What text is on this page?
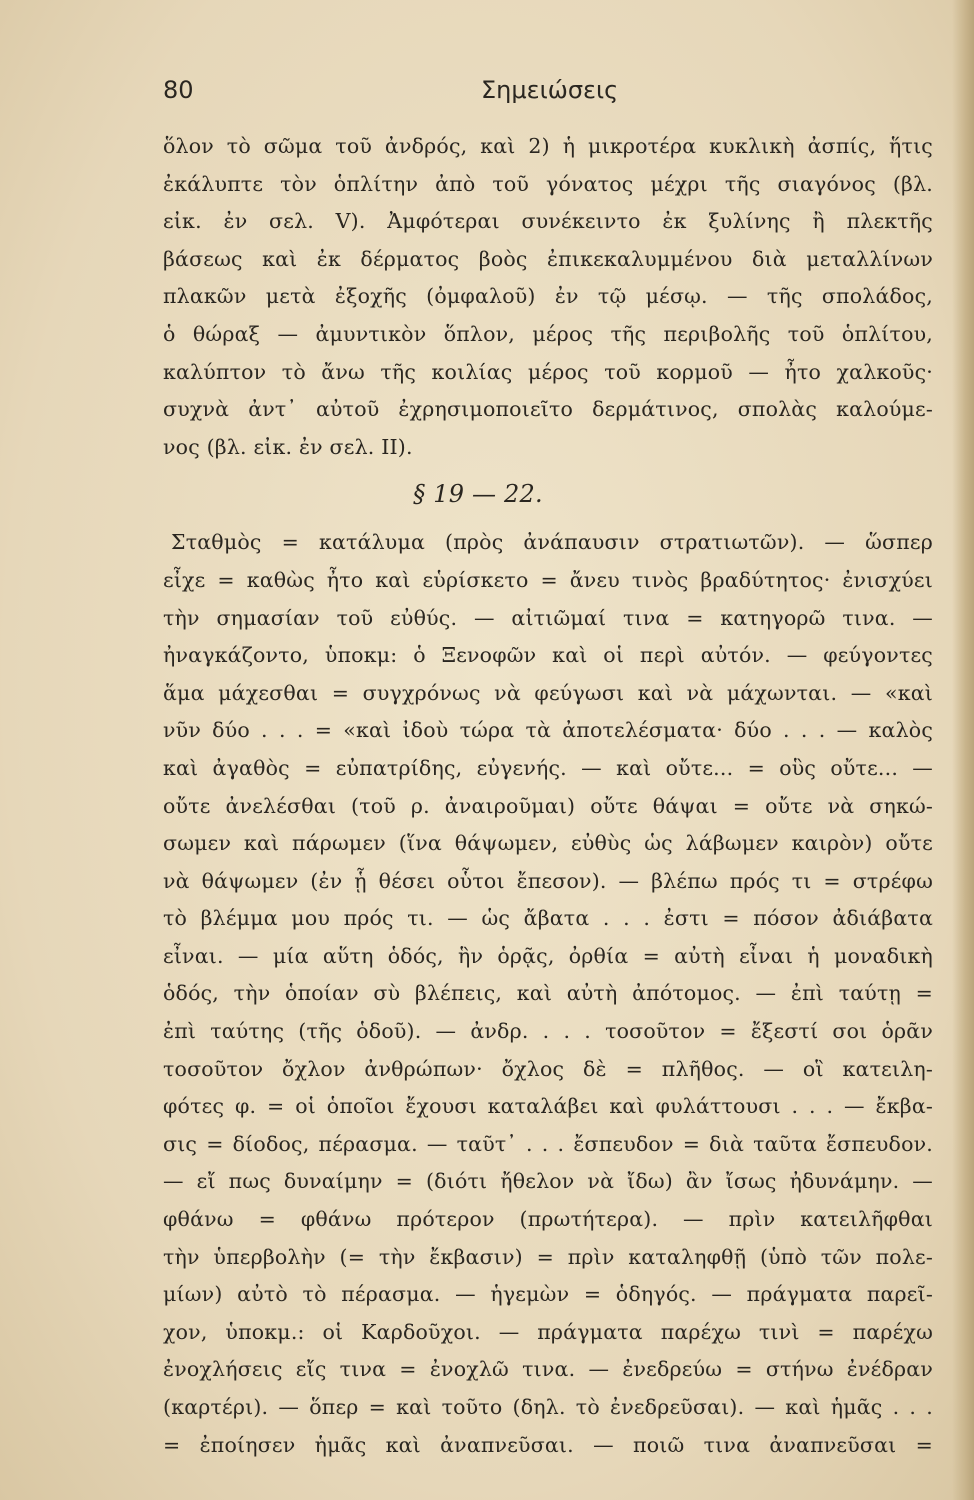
80	Σημειώσεις
ὅλον τὸ σῶμα τοῦ ἀνδρός, καὶ 2) ἡ μικροτέρα κυκλικὴ ἀσπίς, ἥτις
ἐκάλυπτε τὸν ὁπλίτην ἀπὸ τοῦ γόνατος μέχρι τῆς σιαγόνος (βλ.
εἰκ. ἐν σελ. V). Ἀμφότεραι συνέκειντο ἐκ ξυλίνης ἢ πλεκτῆς
βάσεως καὶ ἐκ δέρματος βοὸς ἐπικεκαλυμμένου διὰ μεταλλίνων
πλακῶν μετὰ ἐξοχῆς (ὀμφαλοῦ) ἐν τῷ μέσῳ. — τῆς σπολάδος,
ὁ θώραξ — ἀμυντικὸν ὅπλον, μέρος τῆς περιβολῆς τοῦ ὁπλίτου,
καλύπτον τὸ ἄνω τῆς κοιλίας μέρος τοῦ κορμοῦ — ἦτο χαλκοῦς·
συχνὰ ἀντ᾽ αὐτοῦ ἐχρησιμοποιεῖτο δερμάτινος, σπολὰς καλούμε-
νος (βλ. εἰκ. ἐν σελ. II).
§ 19 — 22.
Σταθμὸς = κατάλυμα (πρὸς ἀνάπαυσιν στρατιωτῶν). — ὥσπερ
εἶχε = καθὼς ἦτο καὶ εὑρίσκετο = ἄνευ τινὸς βραδύτητος· ἐνισχύει
τὴν σημασίαν τοῦ εὐθύς. — αἰτιῶμαί τινα = κατηγορῶ τινα. —
ἠναγκάζοντο, ὑποκμ: ὁ Ξενοφῶν καὶ οἱ περὶ αὐτόν. — φεύγοντες
ἅμα μάχεσθαι = συγχρόνως νὰ φεύγωσι καὶ νὰ μάχωνται. — «καὶ
νῦν δύο . . . = «καὶ ἰδοὺ τώρα τὰ ἀποτελέσματα· δύο . . . — καλὸς
καὶ ἀγαθὸς = εὐπατρίδης, εὐγενής. — καὶ οὔτε... = οὓς οὔτε... —
οὔτε ἀνελέσθαι (τοῦ ρ. ἀναιροῦμαι) οὔτε θάψαι = οὔτε νὰ σηκώ-
σωμεν καὶ πάρωμεν (ἵνα θάψωμεν, εὐθὺς ὡς λάβωμεν καιρὸν) οὔτε
νὰ θάψωμεν (ἐν ᾗ θέσει οὗτοι ἔπεσον). — βλέπω πρός τι = στρέφω
τὸ βλέμμα μου πρός τι. — ὡς ἄβατα . . . ἐστι = πόσον ἀδιάβατα
εἶναι. — μία αὕτη ὁδός, ἣν ὁρᾷς, ὀρθία = αὐτὴ εἶναι ἡ μοναδικὴ
ὁδός, τὴν ὁποίαν σὺ βλέπεις, καὶ αὐτὴ ἀπότομος. — ἐπὶ ταύτῃ =
ἐπὶ ταύτης (τῆς ὁδοῦ). — ἀνδρ. . . . τοσοῦτον = ἔξεστί σοι ὁρᾶν
τοσοῦτον ὄχλον ἀνθρώπων· ὄχλος δὲ = πλῆθος. — οἳ κατειλη-
φότες φ. = οἱ ὁποῖοι ἔχουσι καταλάβει καὶ φυλάττουσι . . . — ἔκβα-
σις = δίοδος, πέρασμα. — ταῦτ᾽ . . . ἔσπευδον = διὰ ταῦτα ἔσπευδον.
— εἴ πως δυναίμην = (διότι ἤθελον νὰ ἴδω) ἂν ἴσως ἠδυνάμην. —
φθάνω = φθάνω πρότερον (πρωτήτερα). — πρὶν κατειλῆφθαι
τὴν ὑπερβολὴν (= τὴν ἔκβασιν) = πρὶν καταληφθῇ (ὑπὸ τῶν πολε-
μίων) αὐτὸ τὸ πέρασμα. — ἡγεμὼν = ὁδηγός. — πράγματα παρεῖ-
χον, ὑποκμ.: οἱ Καρδοῦχοι. — πράγματα παρέχω τινὶ = παρέχω
ἐνοχλήσεις εἴς τινα = ἐνοχλῶ τινα. — ἐνεδρεύω = στήνω ἐνέδραν
(καρτέρι). — ὅπερ = καὶ τοῦτο (δηλ. τὸ ἐνεδρεῦσαι). — καὶ ἡμᾶς . . .
= ἐποίησεν ἡμᾶς καὶ ἀναπνεῦσαι. — ποιῶ τινα ἀναπνεῦσαι =
